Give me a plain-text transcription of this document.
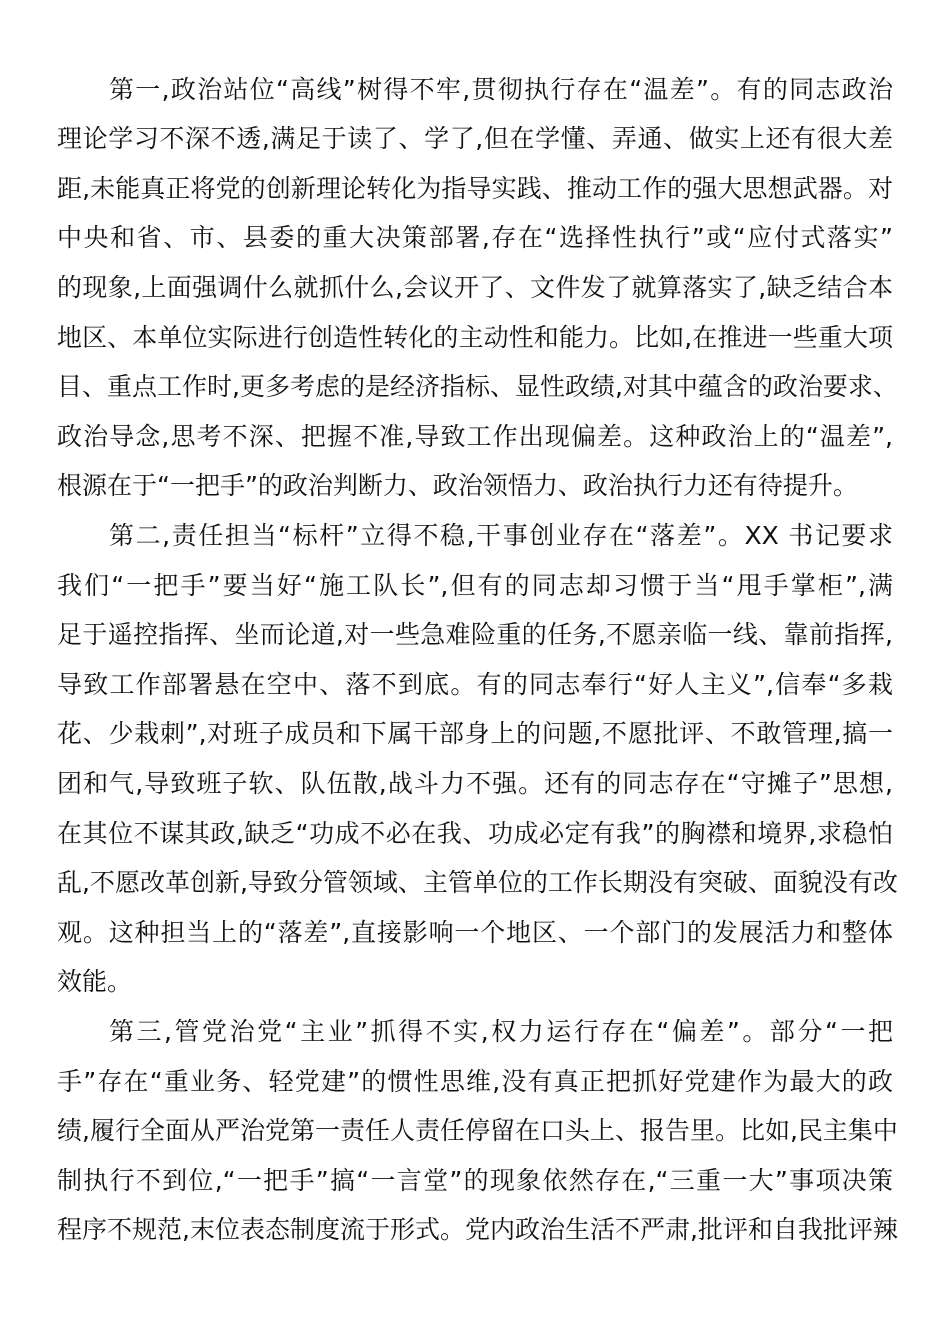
第一,政治站位“高线”树得不牢,贯彻执行存在“温差”。有的同志政治
理论学习不深不透,满足于读了、学了,但在学懂、弄通、做实上还有很大差
距,未能真正将党的创新理论转化为指导实践、推动工作的强大思想武器。对
中央和省、市、县委的重大决策部署,存在“选择性执行”或“应付式落实”
的现象,上面强调什么就抓什么,会议开了、文件发了就算落实了,缺乏结合本
地区、本单位实际进行创造性转化的主动性和能力。比如,在推进一些重大项
目、重点工作时,更多考虑的是经济指标、显性政绩,对其中蕴含的政治要求、
政治导念,思考不深、把握不准,导致工作出现偏差。这种政治上的“温差”,
根源在于“一把手”的政治判断力、政治领悟力、政治执行力还有待提升。
第二,责任担当“标杆”立得不稳,干事创业存在“落差”。XX 书记要求
我们“一把手”要当好“施工队长”,但有的同志却习惯于当“甩手掌柜”,满
足于遥控指挥、坐而论道,对一些急难险重的任务,不愿亲临一线、靠前指挥,
导致工作部署悬在空中、落不到底。有的同志奉行“好人主义”,信奉“多栽
花、少栽刺”,对班子成员和下属干部身上的问题,不愿批评、不敢管理,搞一
团和气,导致班子软、队伍散,战斗力不强。还有的同志存在“守摊子”思想,
在其位不谋其政,缺乏“功成不必在我、功成必定有我”的胸襟和境界,求稳怕
乱,不愿改革创新,导致分管领域、主管单位的工作长期没有突破、面貌没有改
观。这种担当上的“落差”,直接影响一个地区、一个部门的发展活力和整体
效能。
第三,管党治党“主业”抓得不实,权力运行存在“偏差”。部分“一把
手”存在“重业务、轻党建”的惯性思维,没有真正把抓好党建作为最大的政
绩,履行全面从严治党第一责任人责任停留在口头上、报告里。比如,民主集中
制执行不到位,“一把手”搞“一言堂”的现象依然存在,“三重一大”事项决策
程序不规范,末位表态制度流于形式。党内政治生活不严肃,批评和自我批评辣
